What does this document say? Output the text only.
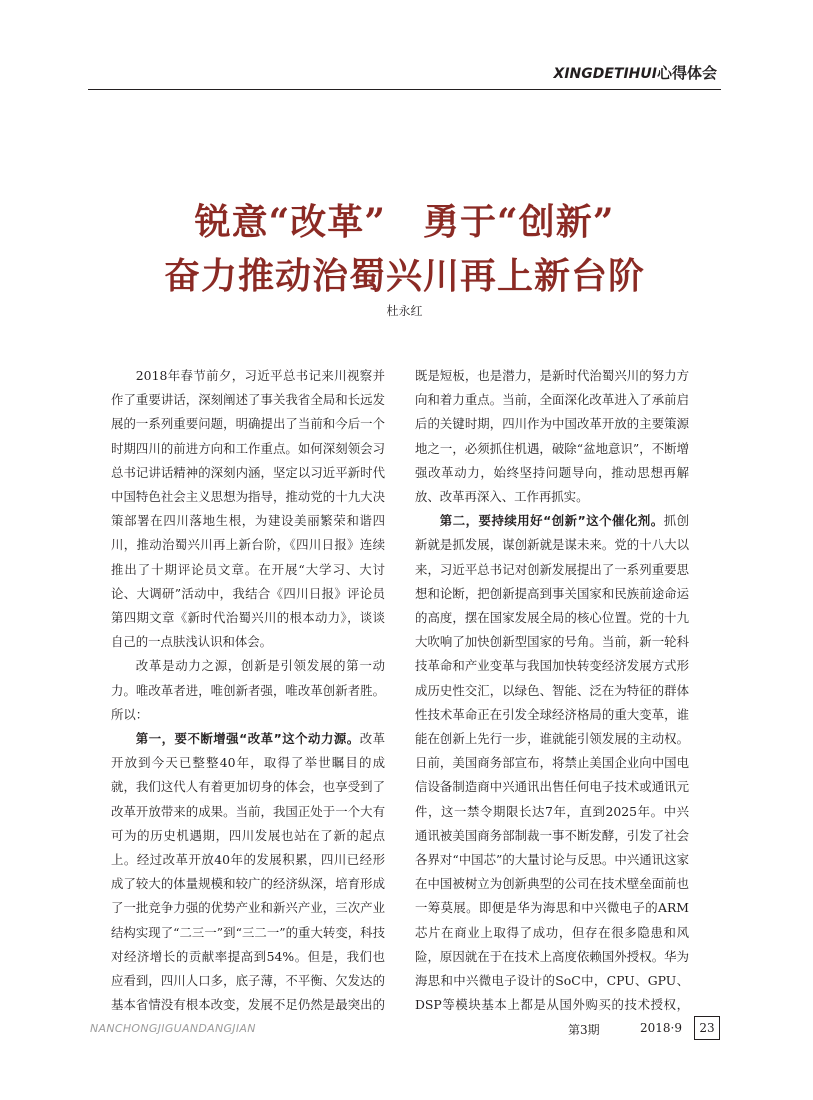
XINGDETIHUI心得体会
锐意“改革”　勇于“创新”
奋力推动治蜀兴川再上新台阶
杜永红

2018年春节前夕，习近平总书记来川视察并作了重要讲话，深刻阐述了事关我省全局和长远发展的一系列重要问题，明确提出了当前和今后一个时期四川的前进方向和工作重点。如何深刻领会习总书记讲话精神的深刻内涵，坚定以习近平新时代中国特色社会主义思想为指导，推动党的十九大决策部署在四川落地生根，为建设美丽繁荣和谐四川，推动治蜀兴川再上新台阶，《四川日报》连续推出了十期评论员文章。在开展“大学习、大讨论、大调研”活动中，我结合《四川日报》评论员第四期文章《新时代治蜀兴川的根本动力》，谈谈自己的一点肤浅认识和体会。

改革是动力之源，创新是引领发展的第一动力。唯改革者进，唯创新者强，唯改革创新者胜。所以：

第一，要不断增强“改革”这个动力源。改革开放到今天已整整40年，取得了举世瞩目的成就，我们这代人有着更加切身的体会，也享受到了改革开放带来的成果。当前，我国正处于一个大有可为的历史机遇期，四川发展也站在了新的起点上。经过改革开放40年的发展积累，四川已经形成了较大的体量规模和较广的经济纵深，培育形成了一批竞争力强的优势产业和新兴产业，三次产业结构实现了“二三一”到“三二一”的重大转变，科技对经济增长的贡献率提高到54%。但是，我们也应看到，四川人口多，底子薄，不平衡、欠发达的基本省情没有根本改变，发展不足仍然是最突出的

既是短板，也是潜力，是新时代治蜀兴川的努力方向和着力重点。当前，全面深化改革进入了承前启后的关键时期，四川作为中国改革开放的主要策源地之一，必须抓住机遇，破除“盆地意识”，不断增强改革动力，始终坚持问题导向，推动思想再解放、改革再深入、工作再抓实。

第二，要持续用好“创新”这个催化剂。抓创新就是抓发展，谋创新就是谋未来。党的十八大以来，习近平总书记对创新发展提出了一系列重要思想和论断，把创新提高到事关国家和民族前途命运的高度，摆在国家发展全局的核心位置。党的十九大吹响了加快创新型国家的号角。当前，新一轮科技革命和产业变革与我国加快转变经济发展方式形成历史性交汇，以绿色、智能、泛在为特征的群体性技术革命正在引发全球经济格局的重大变革，谁能在创新上先行一步，谁就能引领发展的主动权。日前，美国商务部宣布，将禁止美国企业向中国电信设备制造商中兴通讯出售任何电子技术或通讯元件，这一禁令期限长达7年，直到2025年。中兴通讯被美国商务部制裁一事不断发酵，引发了社会各界对“中国芯”的大量讨论与反思。中兴通讯这家在中国被树立为创新典型的公司在技术壁垒面前也一筹莫展。即便是华为海思和中兴微电子的ARM芯片在商业上取得了成功，但存在很多隐患和风险，原因就在于在技术上高度依赖国外授权。华为海思和中兴微电子设计的SoC中，CPU、GPU、DSP等模块基本上都是从国外购买的技术授权，

NANCHONGJIGUANDANGJIAN	第3期	2018·9	23
